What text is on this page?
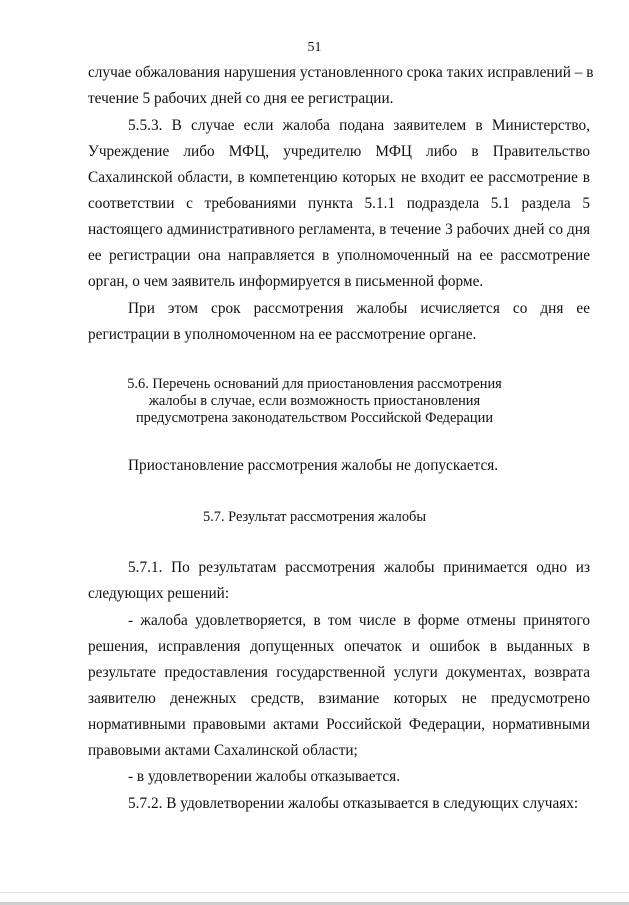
51
случае обжалования нарушения установленного срока таких исправлений – в
течение 5 рабочих дней со дня ее регистрации.
5.5.3. В случае если жалоба подана заявителем в Министерство,
Учреждение либо МФЦ, учредителю МФЦ либо в Правительство
Сахалинской области, в компетенцию которых не входит ее рассмотрение в
соответствии с требованиями пункта 5.1.1 подраздела 5.1 раздела 5
настоящего административного регламента, в течение 3 рабочих дней со дня
ее регистрации она направляется в уполномоченный на ее рассмотрение
орган, о чем заявитель информируется в письменной форме.
При этом срок рассмотрения жалобы исчисляется со дня ее
регистрации в уполномоченном на ее рассмотрение органе.
5.6. Перечень оснований для приостановления рассмотрения
жалобы в случае, если возможность приостановления
предусмотрена законодательством Российской Федерации
Приостановление рассмотрения жалобы не допускается.
5.7. Результат рассмотрения жалобы
5.7.1. По результатам рассмотрения жалобы принимается одно из
следующих решений:
- жалоба удовлетворяется, в том числе в форме отмены принятого
решения, исправления допущенных опечаток и ошибок в выданных в
результате предоставления государственной услуги документах, возврата
заявителю денежных средств, взимание которых не предусмотрено
нормативными правовыми актами Российской Федерации, нормативными
правовыми актами Сахалинской области;
- в удовлетворении жалобы отказывается.
5.7.2. В удовлетворении жалобы отказывается в следующих случаях:
